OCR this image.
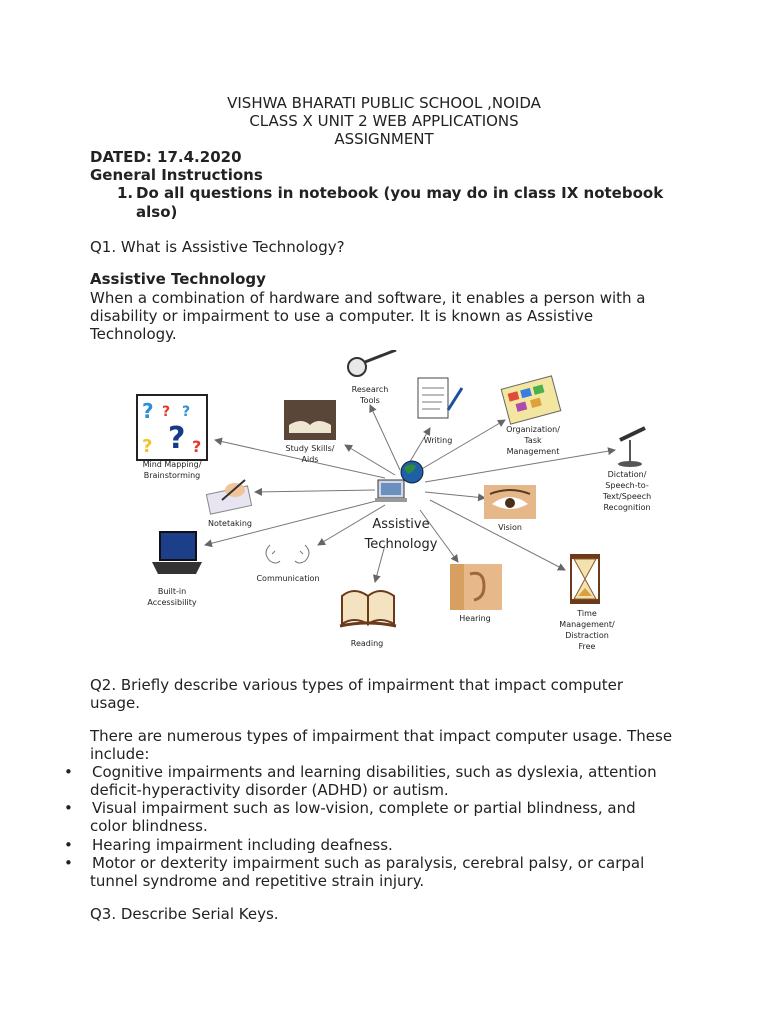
VISHWA BHARATI PUBLIC SCHOOL ,NOIDA
CLASS X UNIT 2 WEB APPLICATIONS
ASSIGNMENT
DATED: 17.4.2020
General Instructions
1. Do all questions in notebook (you may do in class IX notebook
also)
Q1. What is Assistive Technology?
Assistive Technology
When a combination of hardware and software, it enables a person with a
disability or impairment to use a computer. It is known as Assistive
Technology.
Assistive
Technology
Research
Tools
Writing
Organization/
Task
Management
Study Skills/
Aids
? ? ?
?
? ?
Mind Mapping/
Brainstorming	Dictation/
Speech-to-
Text/Speech
Recognition
Notetaking	Vision
Built-in
Accessibility
Communication
Hearing
Time
Management/
Distraction
Free
Reading
Q2. Briefly describe various types of impairment that impact computer
usage.
There are numerous types of impairment that impact computer usage. These
include:
• Cognitive impairments and learning disabilities, such as dyslexia, attention
deficit-hyperactivity disorder (ADHD) or autism.
• Visual impairment such as low-vision, complete or partial blindness, and
color blindness.
• Hearing impairment including deafness.
• Motor or dexterity impairment such as paralysis, cerebral palsy, or carpal
tunnel syndrome and repetitive strain injury.
Q3. Describe Serial Keys.
